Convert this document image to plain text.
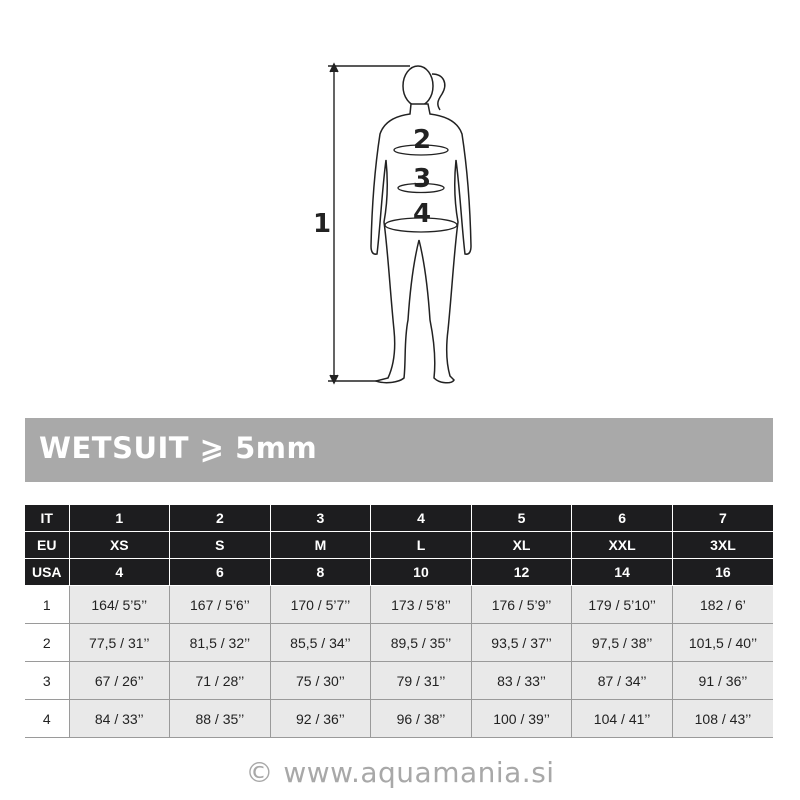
1
2
3
4
WETSUIT ⩾ 5mm
IT	1	2	3	4	5	6	7
EU	XS	S	M	L	XL	XXL	3XL
USA	4	6	8	10	12	14	16
1	164/ 5’5’’	167 / 5’6’’	170 / 5’7’’	173 / 5’8’’	176 / 5’9’’	179 / 5’10’’	182 / 6’
2	77,5 / 31’’	81,5 / 32’’	85,5 / 34’’	89,5 / 35’’	93,5 / 37’’	97,5 / 38’’	101,5 / 40’’
3	67 / 26’’	71 / 28’’	75 / 30’’	79 / 31’’	83 / 33’’	87 / 34’’	91 / 36’’
4	84 / 33’’	88 / 35’’	92 / 36’’	96 / 38’’	100 / 39’’	104 / 41’’	108 / 43’’
© www.aquamania.si
